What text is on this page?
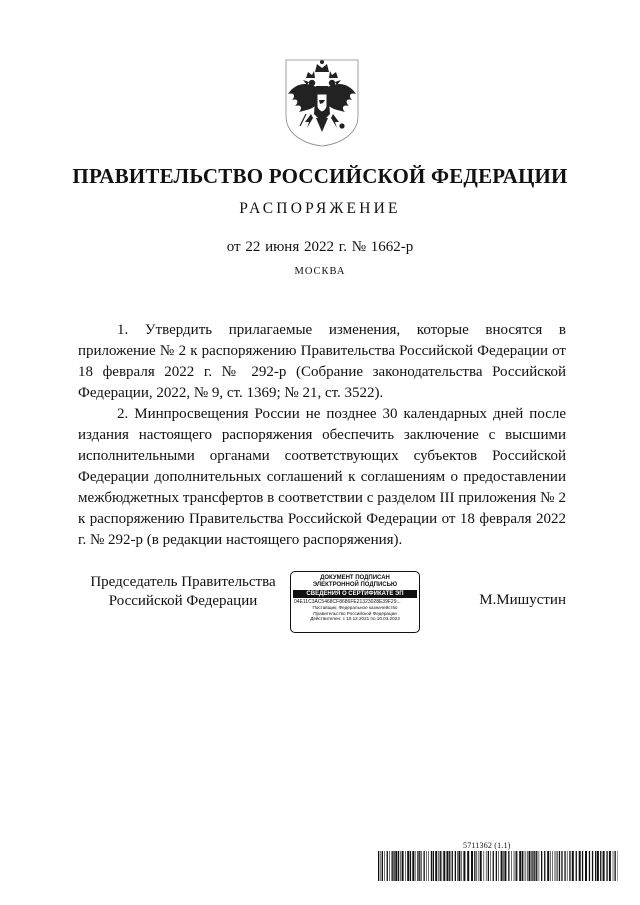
ПРАВИТЕЛЬСТВО РОССИЙСКОЙ ФЕДЕРАЦИИ
РАСПОРЯЖЕНИЕ
от 22 июня 2022 г. № 1662-р
МОСКВА

1. Утвердить прилагаемые изменения, которые вносятся в приложение № 2 к распоряжению Правительства Российской Федерации от 18 февраля 2022 г. № 292-р (Собрание законодательства Российской Федерации, 2022, № 9, ст. 1369; № 21, ст. 3522).

2. Минпросвещения России не позднее 30 календарных дней после издания настоящего распоряжения обеспечить заключение с высшими исполнительными органами соответствующих субъектов Российской Федерации дополнительных соглашений к соглашениям о предоставлении межбюджетных трансфертов в соответствии с разделом III приложения № 2 к распоряжению Правительства Российской Федерации от 18 февраля 2022 г. № 292-р (в редакции настоящего распоряжения).

Председатель Правительства
Российской Федерации
ДОКУМЕНТ ПОДПИСАН
ЭЛЕКТРОННОЙ ПОДПИСЬЮ
СВЕДЕНИЯ О СЕРТИФИКАТЕ ЭП
04E11C3AC5468CF8686FE21323028E39F29...
Поставщик: Федеральное казначейство
Правительство Российской Федерации
Действителен: с 10.12.2021 по 10.03.2023
М.Мишустин
5711362 (1.1)
